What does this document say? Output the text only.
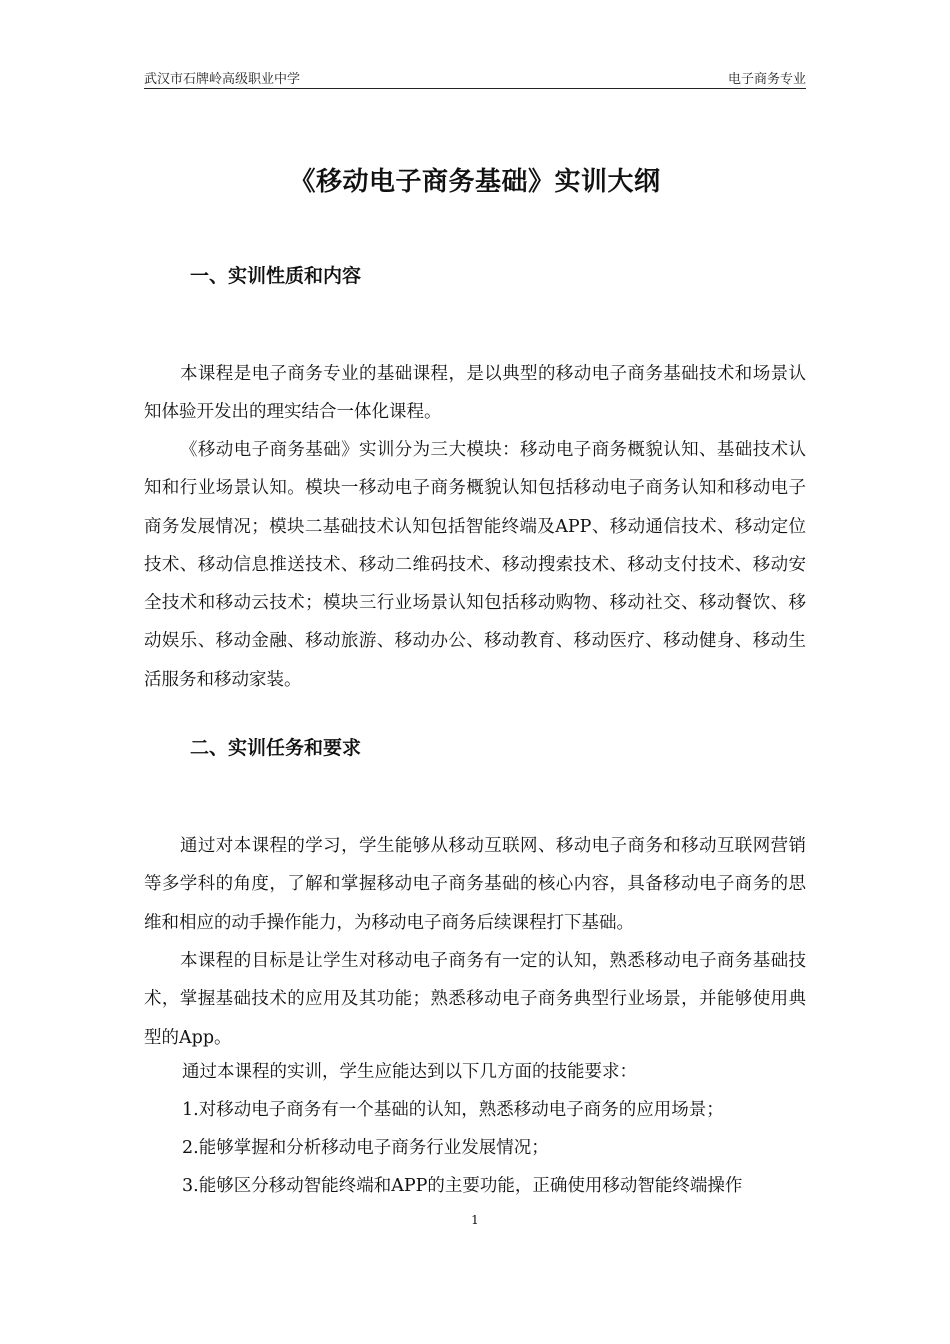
武汉市石牌岭高级职业中学	电子商务专业
《移动电子商务基础》实训大纲
一、实训性质和内容

本课程是电子商务专业的基础课程，是以典型的移动电子商务基础技术和场景认知体验开发出的理实结合一体化课程。

《移动电子商务基础》实训分为三大模块：移动电子商务概貌认知、基础技术认知和行业场景认知。模块一移动电子商务概貌认知包括移动电子商务认知和移动电子商务发展情况；模块二基础技术认知包括智能终端及APP、移动通信技术、移动定位技术、移动信息推送技术、移动二维码技术、移动搜索技术、移动支付技术、移动安全技术和移动云技术；模块三行业场景认知包括移动购物、移动社交、移动餐饮、移动娱乐、移动金融、移动旅游、移动办公、移动教育、移动医疗、移动健身、移动生活服务和移动家装。

二、实训任务和要求

通过对本课程的学习，学生能够从移动互联网、移动电子商务和移动互联网营销等多学科的角度，了解和掌握移动电子商务基础的核心内容，具备移动电子商务的思维和相应的动手操作能力，为移动电子商务后续课程打下基础。

本课程的目标是让学生对移动电子商务有一定的认知，熟悉移动电子商务基础技术，掌握基础技术的应用及其功能；熟悉移动电子商务典型行业场景，并能够使用典型的App。

通过本课程的实训，学生应能达到以下几方面的技能要求：
1.对移动电子商务有一个基础的认知，熟悉移动电子商务的应用场景；
2.能够掌握和分析移动电子商务行业发展情况；
3.能够区分移动智能终端和APP的主要功能，正确使用移动智能终端操作
1
